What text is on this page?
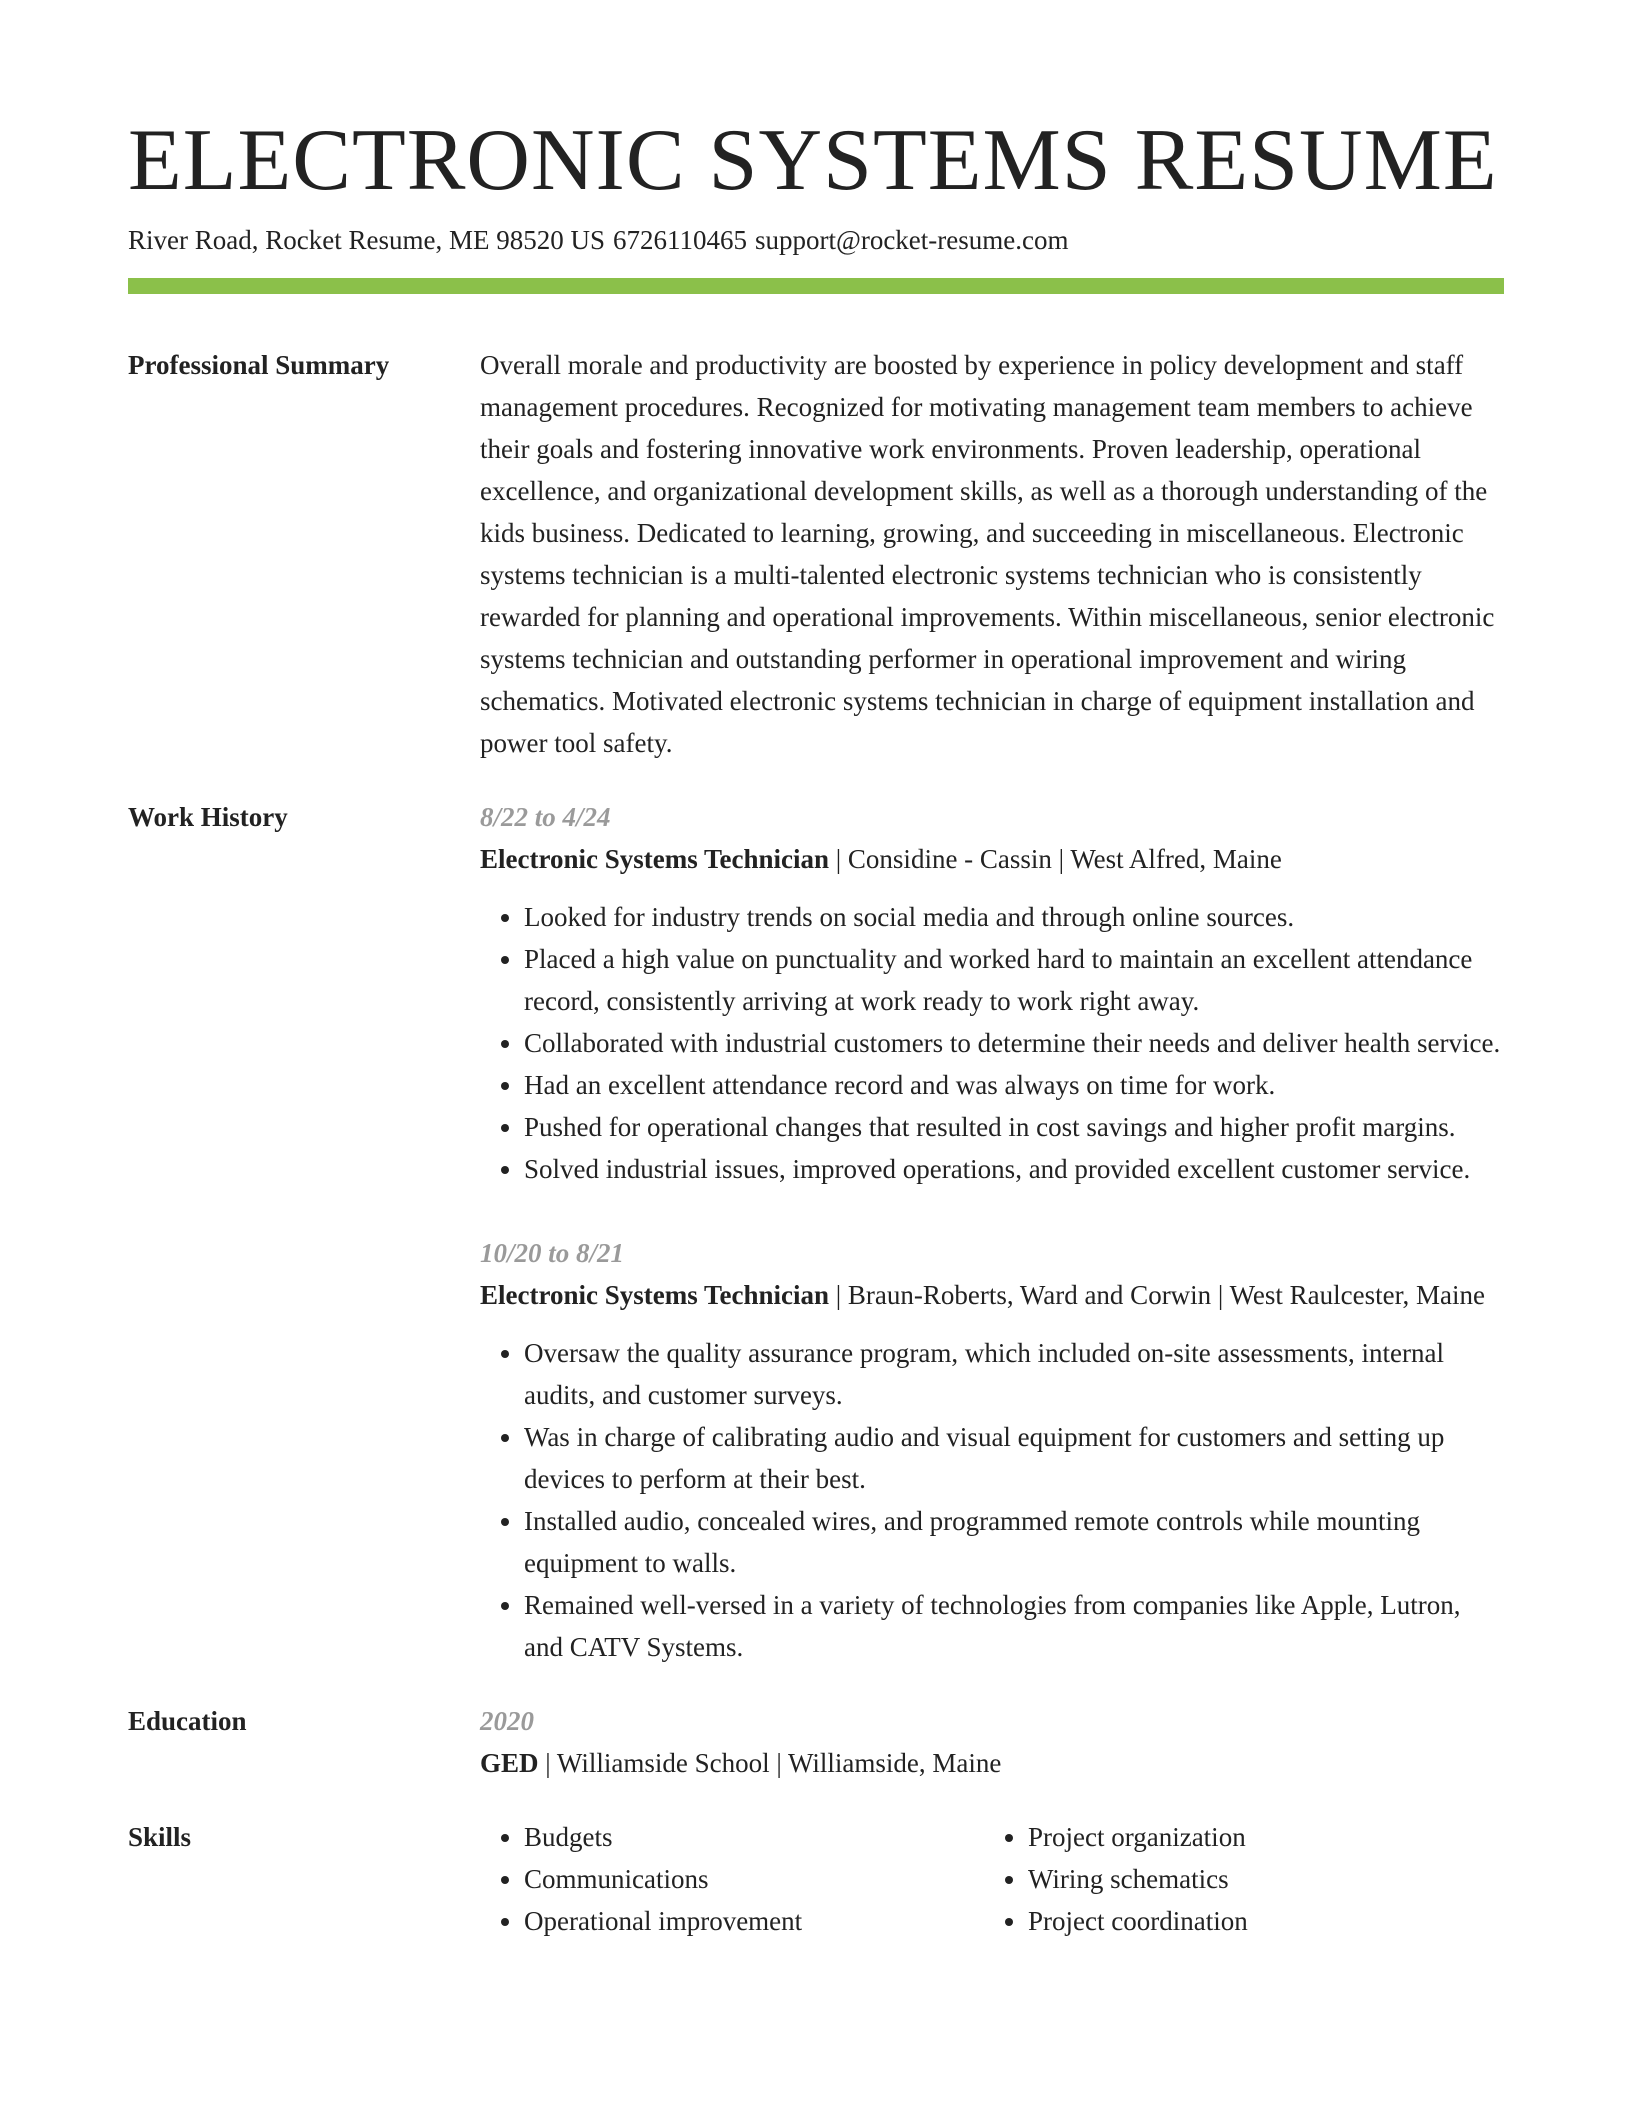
ELECTRONIC SYSTEMS RESUME
River Road, Rocket Resume, ME 98520 US 6726110465 support@rocket-resume.com
Professional Summary	Overall morale and productivity are boosted by experience in policy development and staff management procedures. Recognized for motivating management team members to achieve their goals and fostering innovative work environments. Proven leadership, operational excellence, and organizational development skills, as well as a thorough understanding of the kids business. Dedicated to learning, growing, and succeeding in miscellaneous. Electronic systems technician is a multi-talented electronic systems technician who is consistently rewarded for planning and operational improvements. Within miscellaneous, senior electronic systems technician and outstanding performer in operational improvement and wiring schematics. Motivated electronic systems technician in charge of equipment installation and power tool safety.
Work History	8/22 to 4/24
Electronic Systems Technician | Considine - Cassin | West Alfred, Maine
• Looked for industry trends on social media and through online sources.
• Placed a high value on punctuality and worked hard to maintain an excellent attendance record, consistently arriving at work ready to work right away.
• Collaborated with industrial customers to determine their needs and deliver health service.
• Had an excellent attendance record and was always on time for work.
• Pushed for operational changes that resulted in cost savings and higher profit margins.
• Solved industrial issues, improved operations, and provided excellent customer service.
10/20 to 8/21
Electronic Systems Technician | Braun-Roberts, Ward and Corwin | West Raulcester, Maine
• Oversaw the quality assurance program, which included on-site assessments, internal audits, and customer surveys.
• Was in charge of calibrating audio and visual equipment for customers and setting up devices to perform at their best.
• Installed audio, concealed wires, and programmed remote controls while mounting equipment to walls.
• Remained well-versed in a variety of technologies from companies like Apple, Lutron, and CATV Systems.
Education	2020
GED | Williamside School | Williamside, Maine
Skills
•	Budgets
• Communications
• Operational improvement
• Project organization
• Wiring schematics
• Project coordination
